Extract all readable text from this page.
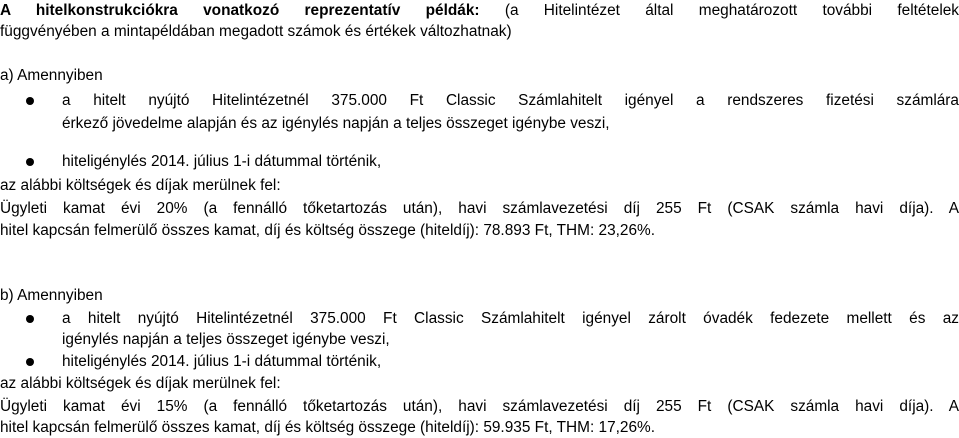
A hitelkonstrukciókra vonatkozó reprezentatív példák: (a Hitelintézet által meghatározott további feltételek

függvényében a mintapéldában megadott számok és értékek változhatnak)

a) Amennyiben

a hitelt nyújtó Hitelintézetnél 375.000 Ft Classic Számlahitelt igényel a rendszeres fizetési számlára

érkező jövedelme alapján és az igénylés napján a teljes összeget igénybe veszi,

hiteligénylés 2014. július 1-i dátummal történik,

az alábbi költségek és díjak merülnek fel:

Ügyleti kamat évi 20% (a fennálló tőketartozás után), havi számlavezetési díj 255 Ft (CSAK számla havi díja). A

hitel kapcsán felmerülő összes kamat, díj és költség összege (hiteldíj): 78.893 Ft, THM: 23,26%.

b) Amennyiben

a hitelt nyújtó Hitelintézetnél 375.000 Ft Classic Számlahitelt igényel zárolt óvadék fedezete mellett és az

igénylés napján a teljes összeget igénybe veszi,

hiteligénylés 2014. július 1-i dátummal történik,

az alábbi költségek és díjak merülnek fel:

Ügyleti kamat évi 15% (a fennálló tőketartozás után), havi számlavezetési díj 255 Ft (CSAK számla havi díja). A

hitel kapcsán felmerülő összes kamat, díj és költség összege (hiteldíj): 59.935 Ft, THM: 17,26%.
